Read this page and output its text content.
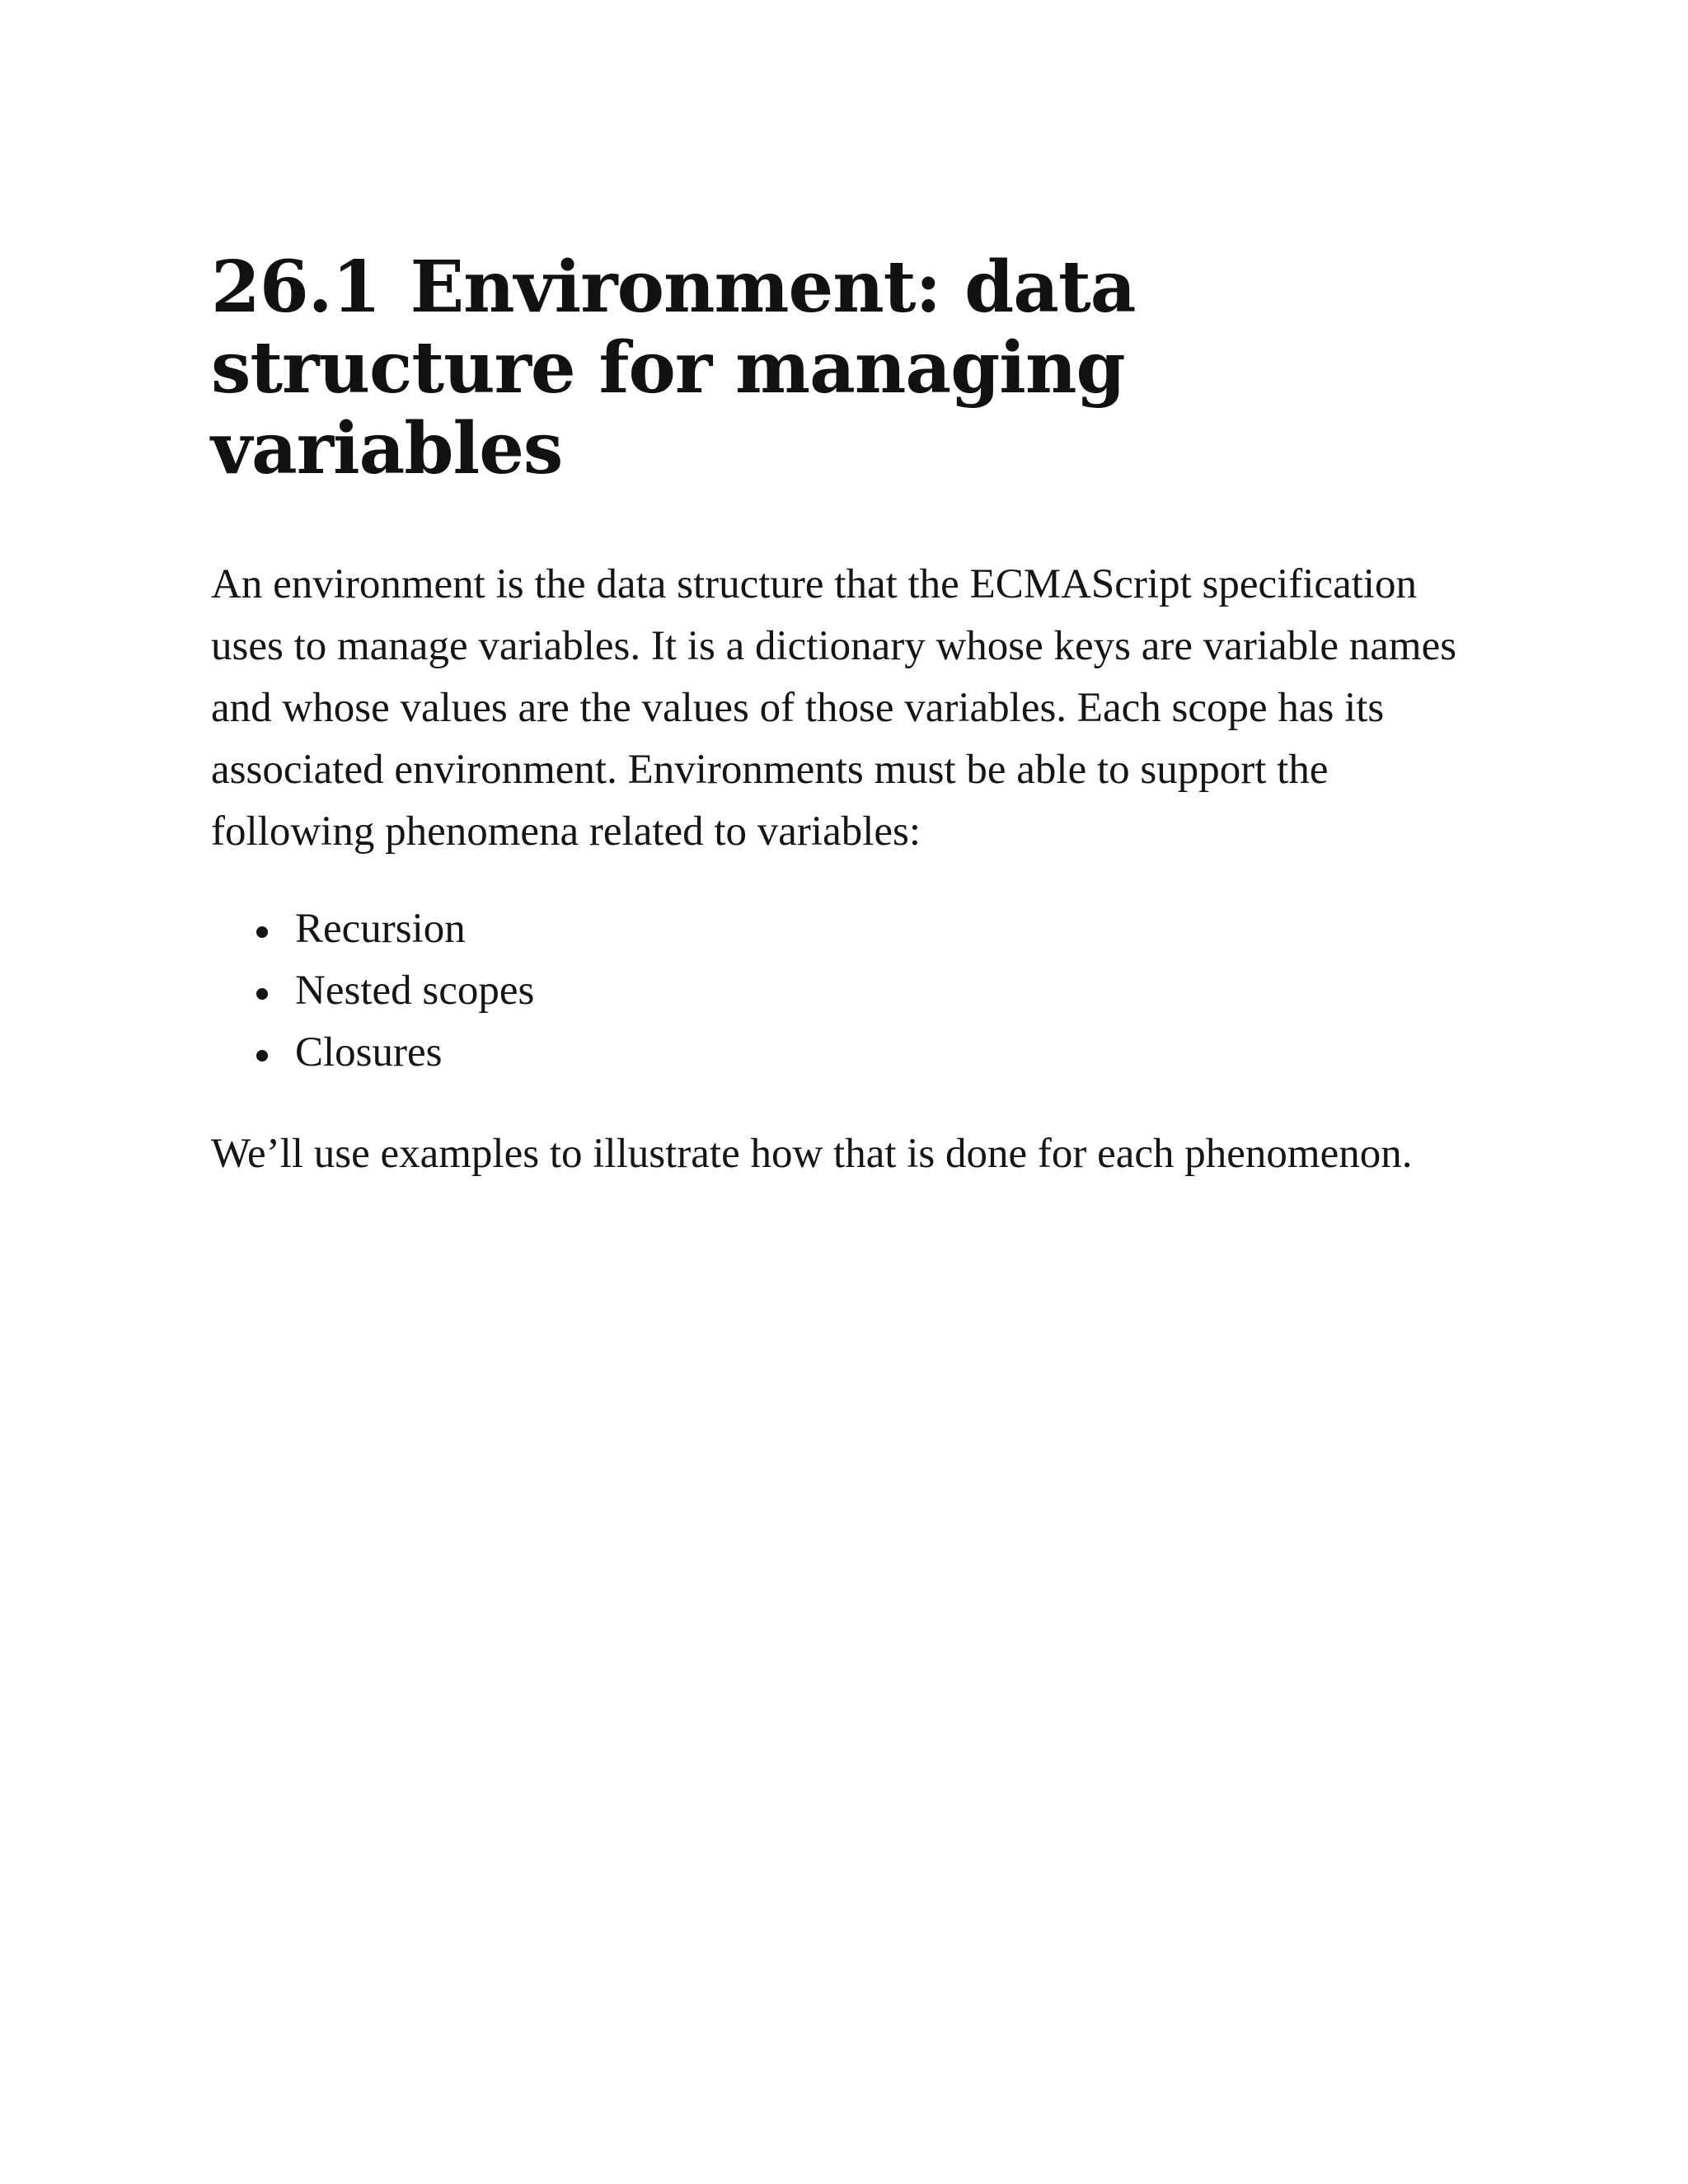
26.1 Environment: data structure for managing variables

An environment is the data structure that the ECMAScript specification uses to manage variables. It is a dictionary whose keys are variable names and whose values are the values of those variables. Each scope has its associated environment. Environments must be able to support the following phenomena related to variables:

Recursion
Nested scopes
Closures

We’ll use examples to illustrate how that is done for each phenomenon.
